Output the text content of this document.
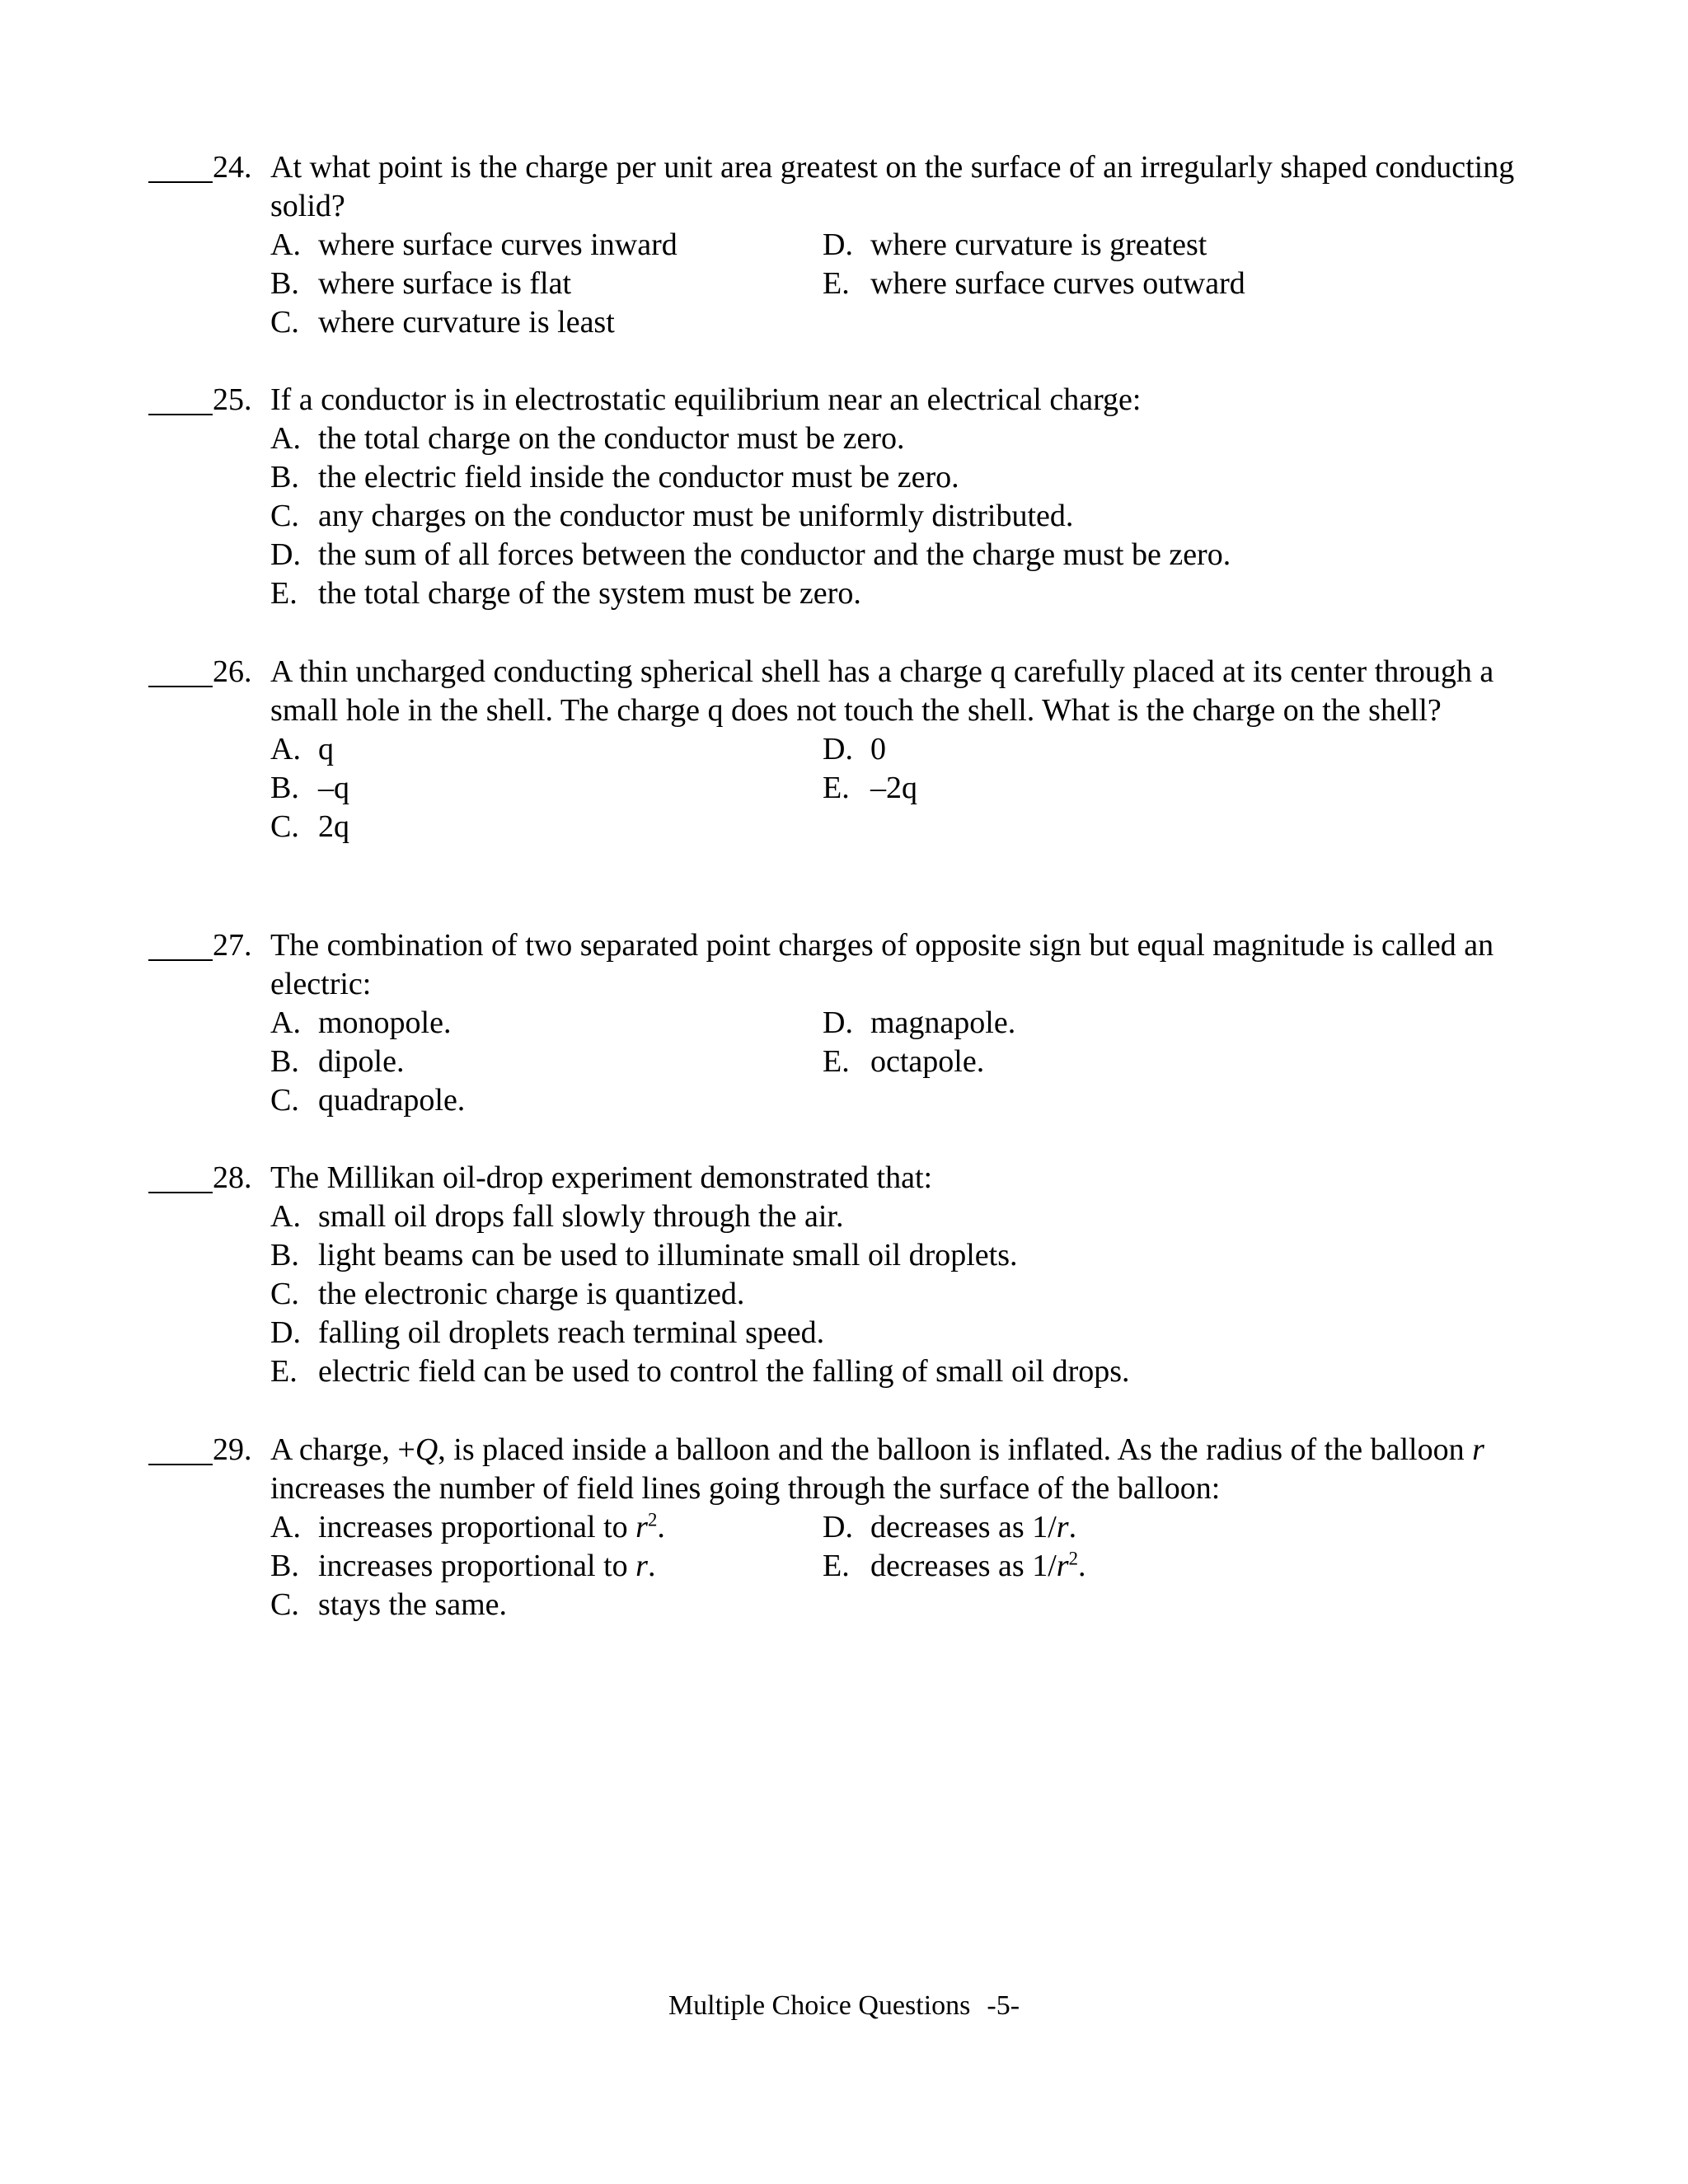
24. At what point is the charge per unit area greatest on the surface of an irregularly shaped conducting solid?
A. where surface curves inward
B. where surface is flat
C. where curvature is least
D. where curvature is greatest
E. where surface curves outward
25. If a conductor is in electrostatic equilibrium near an electrical charge:
A. the total charge on the conductor must be zero.
B. the electric field inside the conductor must be zero.
C. any charges on the conductor must be uniformly distributed.
D. the sum of all forces between the conductor and the charge must be zero.
E. the total charge of the system must be zero.
26. A thin uncharged conducting spherical shell has a charge q carefully placed at its center through a small hole in the shell. The charge q does not touch the shell. What is the charge on the shell?
A. q
B. –q
C. 2q
D. 0
E. –2q
27. The combination of two separated point charges of opposite sign but equal magnitude is called an electric:
A. monopole.
B. dipole.
C. quadrapole.
D. magnapole.
E. octapole.
28. The Millikan oil-drop experiment demonstrated that:
A. small oil drops fall slowly through the air.
B. light beams can be used to illuminate small oil droplets.
C. the electronic charge is quantized.
D. falling oil droplets reach terminal speed.
E. electric field can be used to control the falling of small oil drops.
29. A charge, +Q, is placed inside a balloon and the balloon is inflated. As the radius of the balloon r increases the number of field lines going through the surface of the balloon:
A. increases proportional to $r^2$.
B. increases proportional to r.
C. stays the same.
D. decreases as 1/r.
E. decreases as $1/r^2$.
Multiple Choice Questions -5-
